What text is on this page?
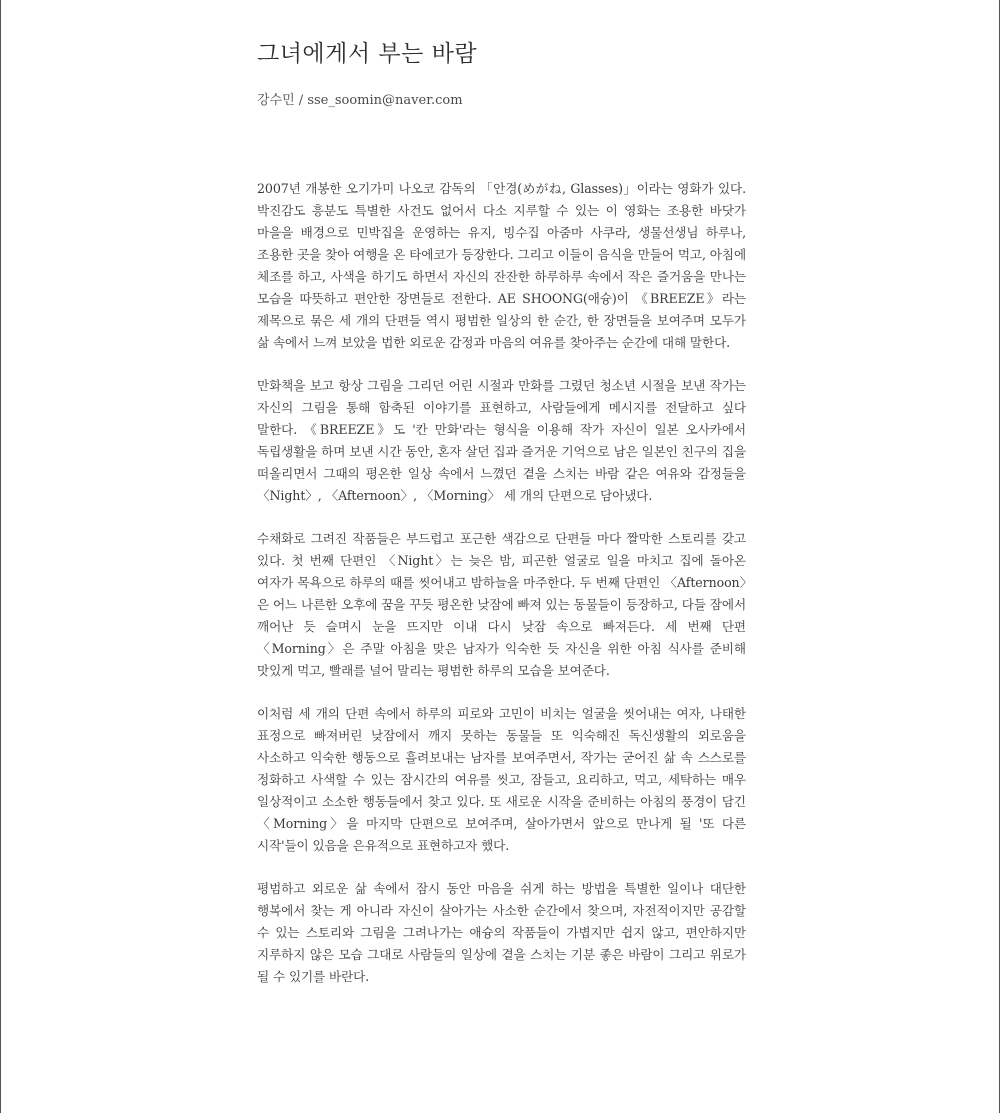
그녀에게서 부는 바람
강수민 / sse_soomin@naver.com

2007년 개봉한 오기가미 나오코 감독의 「안경(めがね, Glasses)」이라는 영화가 있다. 박진감도 흥분도 특별한 사건도 없어서 다소 지루할 수 있는 이 영화는 조용한 바닷가 마을을 배경으로 민박집을 운영하는 유지, 빙수집 아줌마 사쿠라, 생물선생님 하루나, 조용한 곳을 찾아 여행을 온 타에코가 등장한다. 그리고 이들이 음식을 만들어 먹고, 아침에 체조를 하고, 사색을 하기도 하면서 자신의 잔잔한 하루하루 속에서 작은 즐거움을 만나는 모습을 따뜻하고 편안한 장면들로 전한다. AE SHOONG(애슝)이 《BREEZE》라는 제목으로 묶은 세 개의 단편들 역시 평범한 일상의 한 순간, 한 장면들을 보여주며 모두가 삶 속에서 느껴 보았을 법한 외로운 감정과 마음의 여유를 찾아주는 순간에 대해 말한다.

만화책을 보고 항상 그림을 그리던 어린 시절과 만화를 그렸던 청소년 시절을 보낸 작가는 자신의 그림을 통해 함축된 이야기를 표현하고, 사람들에게 메시지를 전달하고 싶다 말한다. 《BREEZE》도 '칸 만화'라는 형식을 이용해 작가 자신이 일본 오사카에서 독립생활을 하며 보낸 시간 동안, 혼자 살던 집과 즐거운 기억으로 남은 일본인 친구의 집을 떠올리면서 그때의 평온한 일상 속에서 느꼈던 곁을 스치는 바람 같은 여유와 감정들을 〈Night〉, 〈Afternoon〉, 〈Morning〉 세 개의 단편으로 담아냈다.

수채화로 그려진 작품들은 부드럽고 포근한 색감으로 단편들 마다 짤막한 스토리를 갖고 있다. 첫 번째 단편인 〈Night〉는 늦은 밤, 피곤한 얼굴로 일을 마치고 집에 돌아온 여자가 목욕으로 하루의 때를 씻어내고 밤하늘을 마주한다. 두 번째 단편인 〈Afternoon〉은 어느 나른한 오후에 꿈을 꾸듯 평온한 낮잠에 빠져 있는 동물들이 등장하고, 다들 잠에서 깨어난 듯 슬며시 눈을 뜨지만 이내 다시 낮잠 속으로 빠져든다. 세 번째 단편 〈Morning〉은 주말 아침을 맞은 남자가 익숙한 듯 자신을 위한 아침 식사를 준비해 맛있게 먹고, 빨래를 널어 말리는 평범한 하루의 모습을 보여준다.

이처럼 세 개의 단편 속에서 하루의 피로와 고민이 비치는 얼굴을 씻어내는 여자, 나태한 표정으로 빠져버린 낮잠에서 깨지 못하는 동물들 또 익숙해진 독신생활의 외로움을 사소하고 익숙한 행동으로 흘려보내는 남자를 보여주면서, 작가는 굳어진 삶 속 스스로를 정화하고 사색할 수 있는 잠시간의 여유를 씻고, 잠들고, 요리하고, 먹고, 세탁하는 매우 일상적이고 소소한 행동들에서 찾고 있다. 또 새로운 시작을 준비하는 아침의 풍경이 담긴 〈Morning〉을 마지막 단편으로 보여주며, 살아가면서 앞으로 만나게 될 '또 다른 시작'들이 있음을 은유적으로 표현하고자 했다.

평범하고 외로운 삶 속에서 잠시 동안 마음을 쉬게 하는 방법을 특별한 일이나 대단한 행복에서 찾는 게 아니라 자신이 살아가는 사소한 순간에서 찾으며, 자전적이지만 공감할 수 있는 스토리와 그림을 그려나가는 애슝의 작품들이 가볍지만 쉽지 않고, 편안하지만 지루하지 않은 모습 그대로 사람들의 일상에 곁을 스치는 기분 좋은 바람이 그리고 위로가 될 수 있기를 바란다.
